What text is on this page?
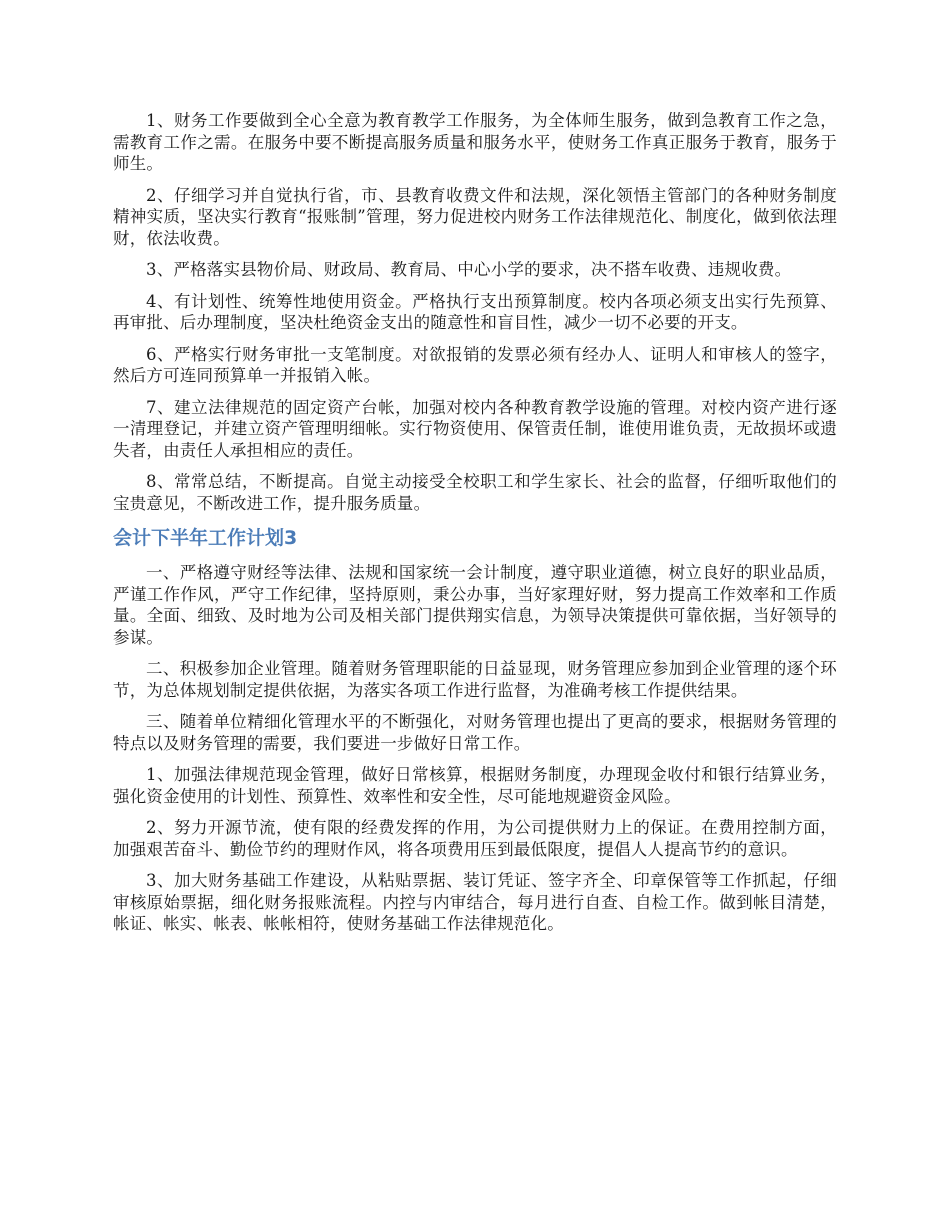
1、财务工作要做到全心全意为教育教学工作服务，为全体师生服务，做到急教育工作之急，需教育工作之需。在服务中要不断提高服务质量和服务水平，使财务工作真正服务于教育，服务于师生。

2、仔细学习并自觉执行省，市、县教育收费文件和法规，深化领悟主管部门的各种财务制度精神实质，坚决实行教育“报账制”管理，努力促进校内财务工作法律规范化、制度化，做到依法理财，依法收费。

3、严格落实县物价局、财政局、教育局、中心小学的要求，决不搭车收费、违规收费。

4、有计划性、统筹性地使用资金。严格执行支出预算制度。校内各项必须支出实行先预算、再审批、后办理制度，坚决杜绝资金支出的随意性和盲目性，减少一切不必要的开支。

6、严格实行财务审批一支笔制度。对欲报销的发票必须有经办人、证明人和审核人的签字，然后方可连同预算单一并报销入帐。

7、建立法律规范的固定资产台帐，加强对校内各种教育教学设施的管理。对校内资产进行逐一清理登记，并建立资产管理明细帐。实行物资使用、保管责任制，谁使用谁负责，无故损坏或遗失者，由责任人承担相应的责任。

8、常常总结，不断提高。自觉主动接受全校职工和学生家长、社会的监督，仔细听取他们的宝贵意见，不断改进工作，提升服务质量。

会计下半年工作计划3

一、严格遵守财经等法律、法规和国家统一会计制度，遵守职业道德，树立良好的职业品质，严谨工作作风，严守工作纪律，坚持原则，秉公办事，当好家理好财，努力提高工作效率和工作质量。全面、细致、及时地为公司及相关部门提供翔实信息，为领导决策提供可靠依据，当好领导的参谋。

二、积极参加企业管理。随着财务管理职能的日益显现，财务管理应参加到企业管理的逐个环节，为总体规划制定提供依据，为落实各项工作进行监督，为准确考核工作提供结果。

三、随着单位精细化管理水平的不断强化，对财务管理也提出了更高的要求，根据财务管理的特点以及财务管理的需要，我们要进一步做好日常工作。

1、加强法律规范现金管理，做好日常核算，根据财务制度，办理现金收付和银行结算业务，强化资金使用的计划性、预算性、效率性和安全性，尽可能地规避资金风险。

2、努力开源节流，使有限的经费发挥的作用，为公司提供财力上的保证。在费用控制方面，加强艰苦奋斗、勤俭节约的理财作风，将各项费用压到最低限度，提倡人人提高节约的意识。

3、加大财务基础工作建设，从粘贴票据、装订凭证、签字齐全、印章保管等工作抓起，仔细审核原始票据，细化财务报账流程。内控与内审结合，每月进行自查、自检工作。做到帐目清楚，帐证、帐实、帐表、帐帐相符，使财务基础工作法律规范化。
